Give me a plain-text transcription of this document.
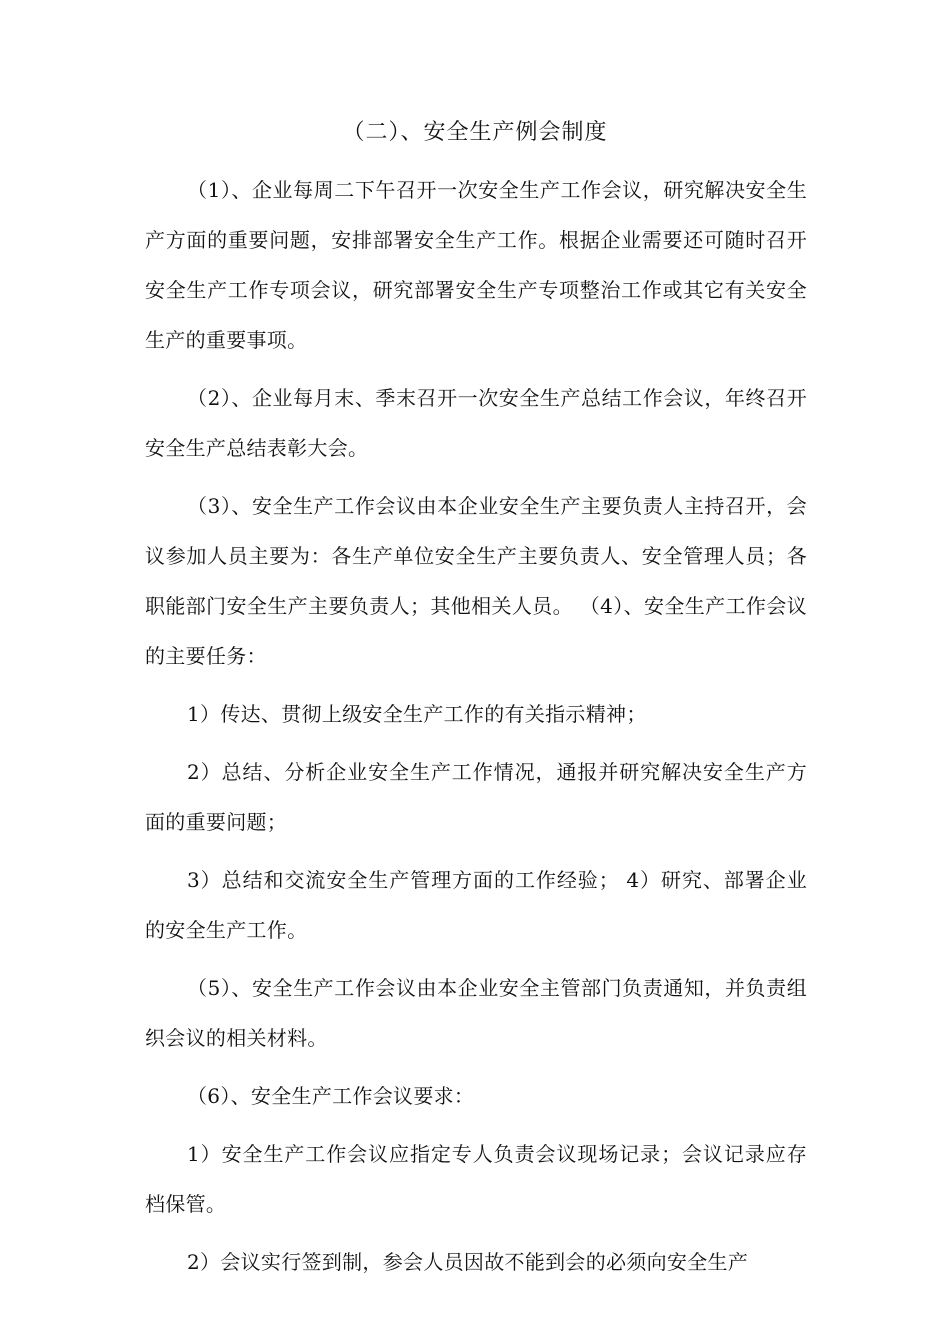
（二）、安全生产例会制度

（1）、企业每周二下午召开一次安全生产工作会议，研究解决安全生产方面的重要问题，安排部署安全生产工作。根据企业需要还可随时召开安全生产工作专项会议，研究部署安全生产专项整治工作或其它有关安全生产的重要事项。

（2）、企业每月末、季末召开一次安全生产总结工作会议，年终召开安全生产总结表彰大会。

（3）、安全生产工作会议由本企业安全生产主要负责人主持召开，会议参加人员主要为：各生产单位安全生产主要负责人、安全管理人员；各职能部门安全生产主要负责人；其他相关人员。 （4）、安全生产工作会议的主要任务：

1）传达、贯彻上级安全生产工作的有关指示精神；

2）总结、分析企业安全生产工作情况，通报并研究解决安全生产方面的重要问题；

3）总结和交流安全生产管理方面的工作经验； 4）研究、部署企业的安全生产工作。

（5）、安全生产工作会议由本企业安全主管部门负责通知，并负责组织会议的相关材料。

（6）、安全生产工作会议要求：

1）安全生产工作会议应指定专人负责会议现场记录；会议记录应存档保管。

2）会议实行签到制，参会人员因故不能到会的必须向安全生产
